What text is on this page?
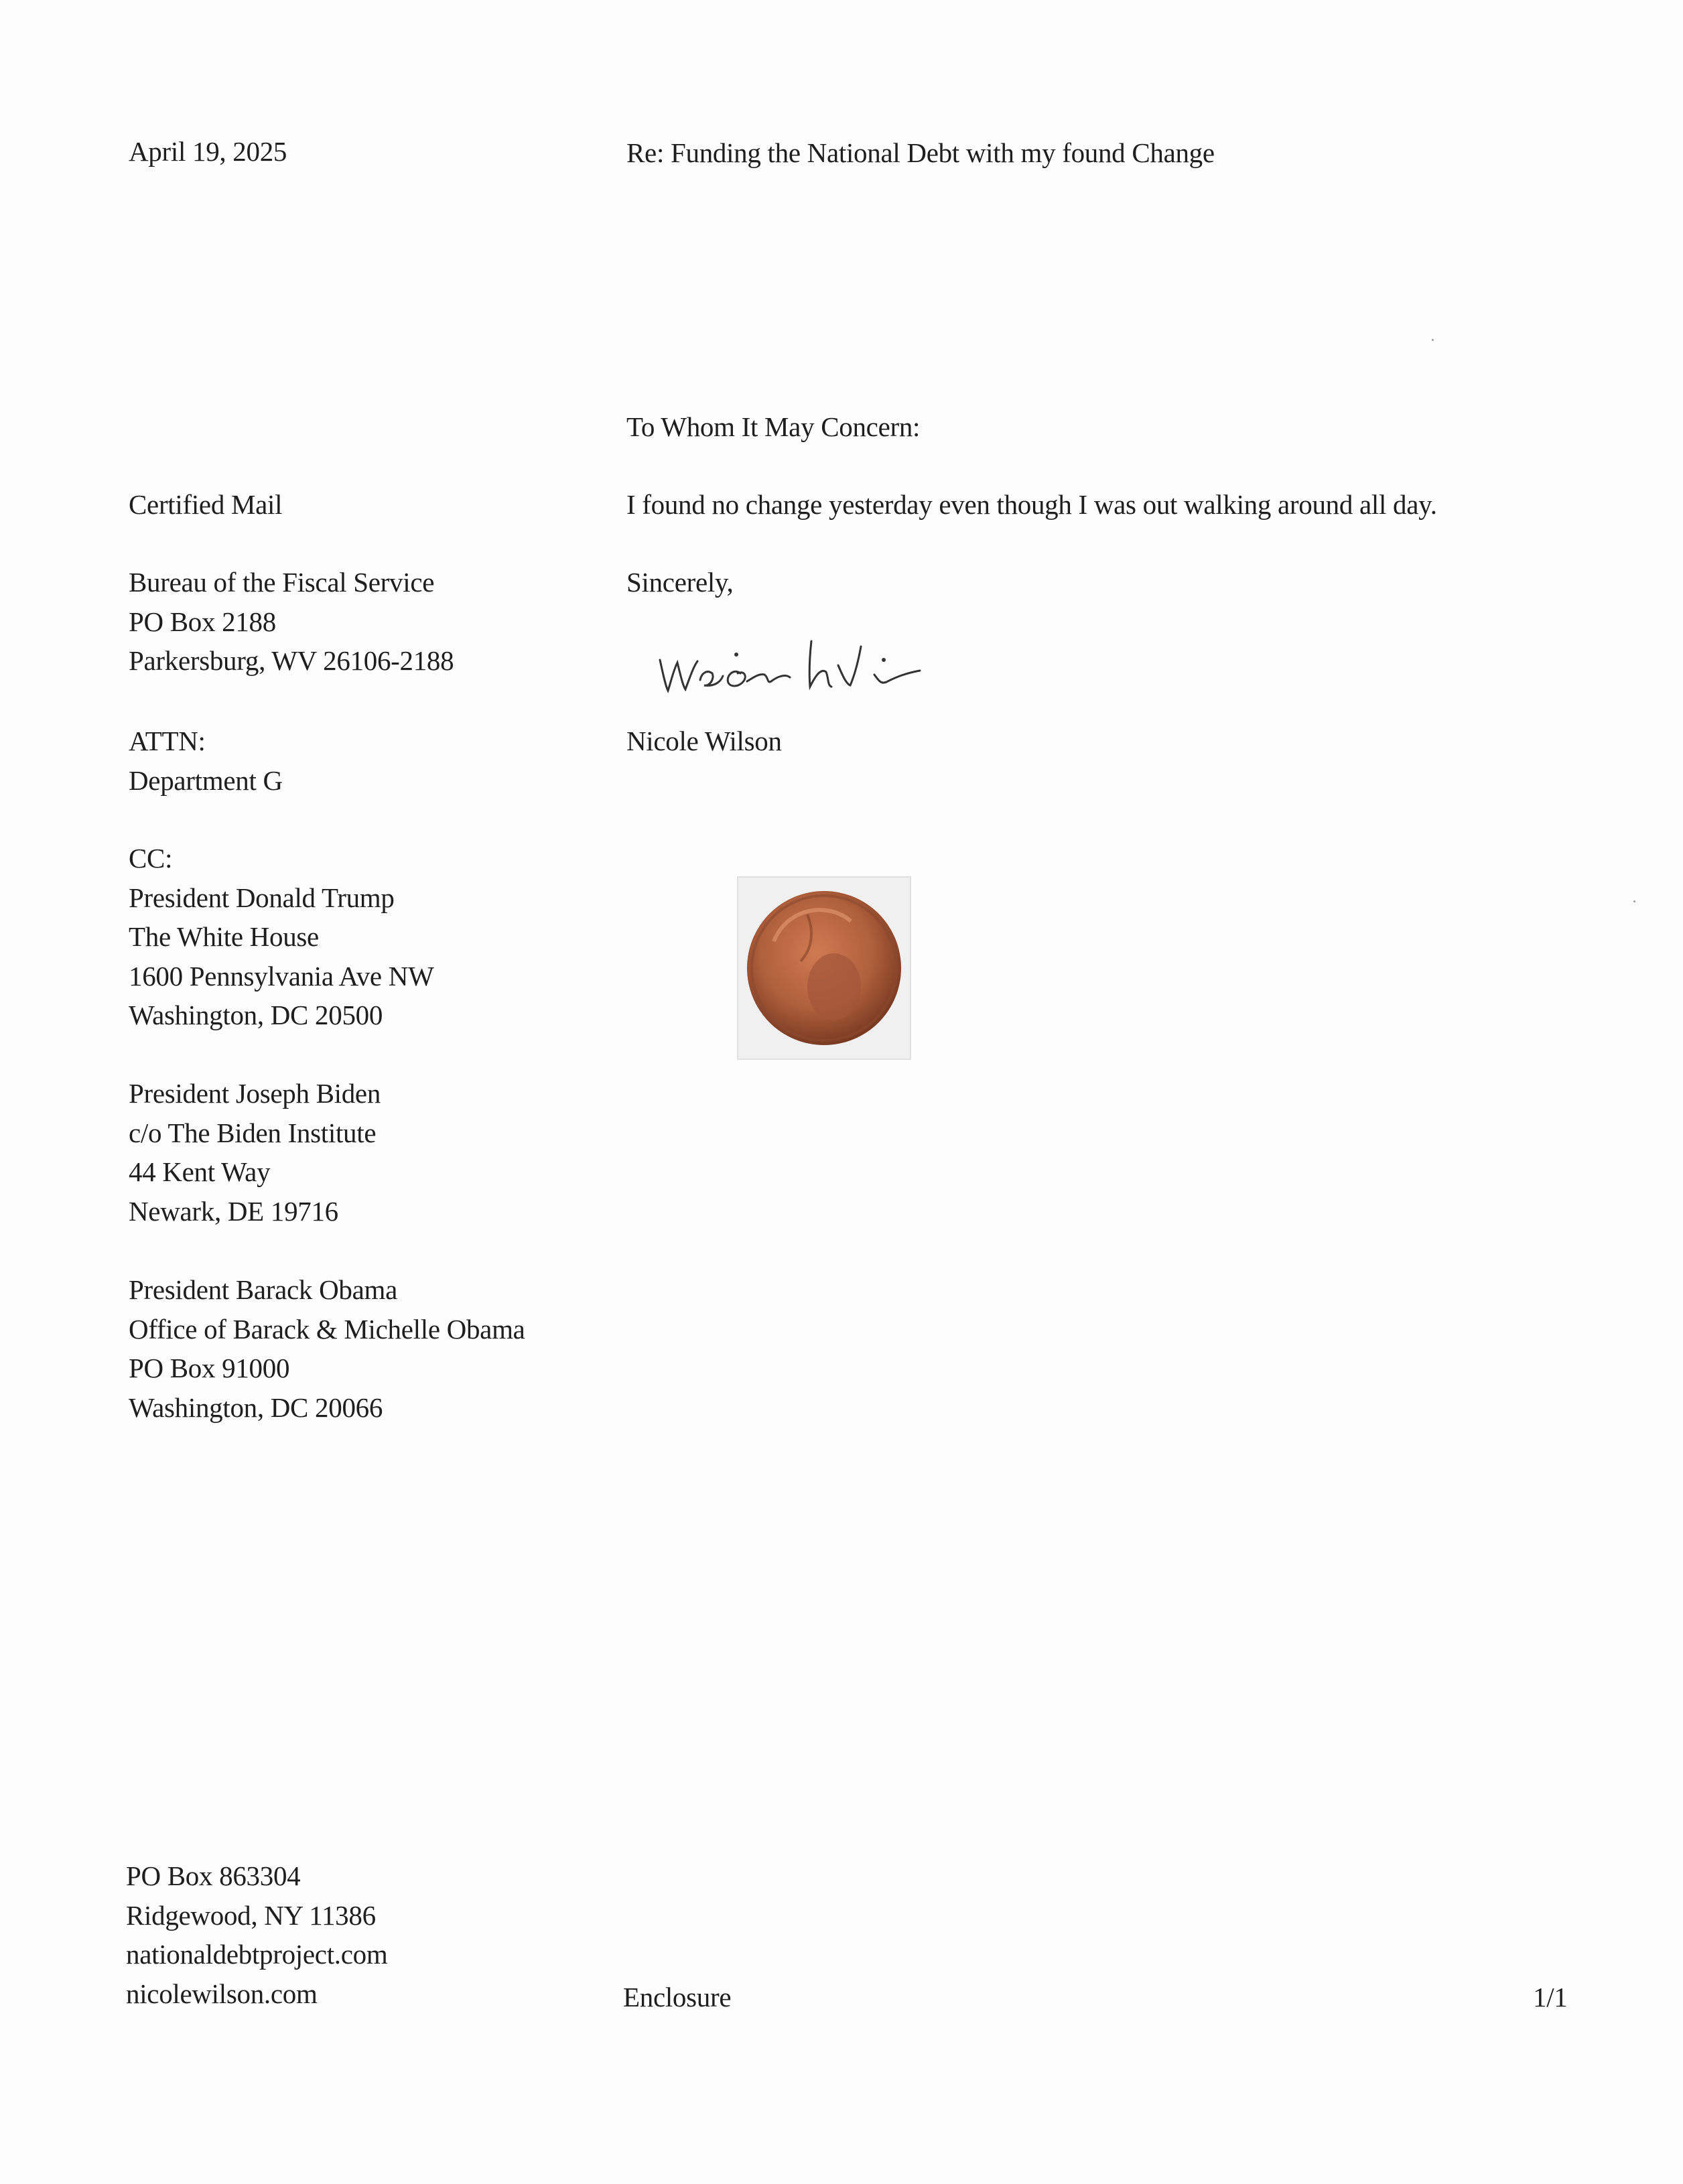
April 19, 2025	Re: Funding the National Debt with my found Change
To Whom It May Concern:
I found no change yesterday even though I was out walking around all day.
Sincerely,
Nicole Wilson
Certified Mail
Bureau of the Fiscal Service
PO Box 2188
Parkersburg, WV 26106-2188
ATTN:
Department G
CC:
President Donald Trump
The White House
1600 Pennsylvania Ave NW
Washington, DC 20500
President Joseph Biden
c/o The Biden Institute
44 Kent Way
Newark, DE 19716
President Barack Obama
Office of Barack & Michelle Obama
PO Box 91000
Washington, DC 20066
PO Box 863304
Ridgewood, NY 11386
nationaldebtproject.com
nicolewilson.com	Enclosure	1/1
